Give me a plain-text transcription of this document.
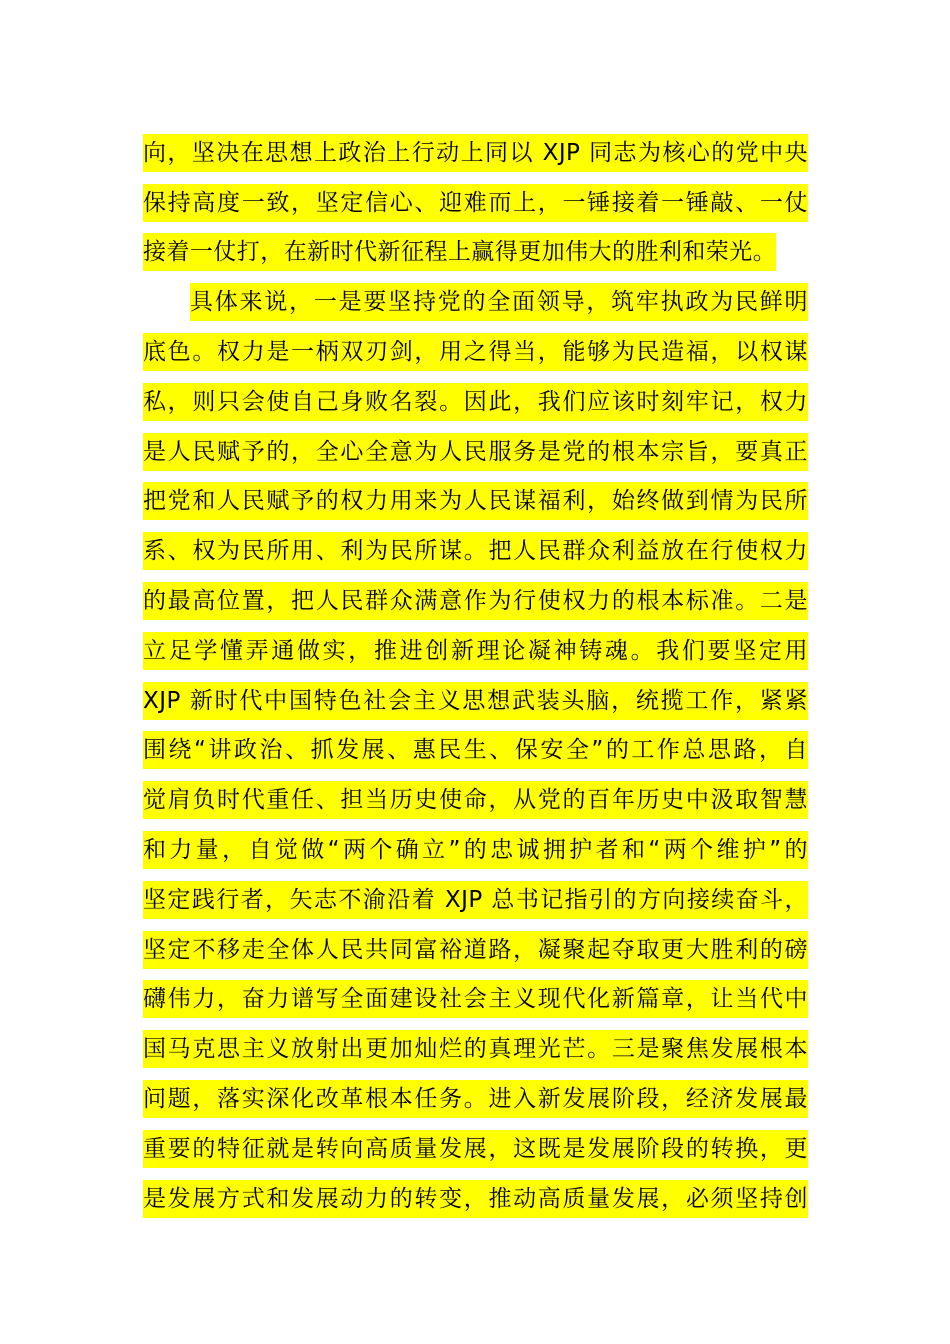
向，坚决在思想上政治上行动上同以 XJP 同志为核心的党中央
保持高度一致，坚定信心、迎难而上，一锤接着一锤敲、一仗
接着一仗打，在新时代新征程上赢得更加伟大的胜利和荣光。
具体来说，一是要坚持党的全面领导，筑牢执政为民鲜明
底色。权力是一柄双刃剑，用之得当，能够为民造福，以权谋
私，则只会使自己身败名裂。因此，我们应该时刻牢记，权力
是人民赋予的，全心全意为人民服务是党的根本宗旨，要真正
把党和人民赋予的权力用来为人民谋福利，始终做到情为民所
系、权为民所用、利为民所谋。把人民群众利益放在行使权力
的最高位置，把人民群众满意作为行使权力的根本标准。二是
立足学懂弄通做实，推进创新理论凝神铸魂。我们要坚定用
XJP 新时代中国特色社会主义思想武装头脑，统揽工作，紧紧
围绕“讲政治、抓发展、惠民生、保安全”的工作总思路，自
觉肩负时代重任、担当历史使命，从党的百年历史中汲取智慧
和力量，自觉做“两个确立”的忠诚拥护者和“两个维护”的
坚定践行者，矢志不渝沿着 XJP 总书记指引的方向接续奋斗，
坚定不移走全体人民共同富裕道路，凝聚起夺取更大胜利的磅
礴伟力，奋力谱写全面建设社会主义现代化新篇章，让当代中
国马克思主义放射出更加灿烂的真理光芒。三是聚焦发展根本
问题，落实深化改革根本任务。进入新发展阶段，经济发展最
重要的特征就是转向高质量发展，这既是发展阶段的转换，更
是发展方式和发展动力的转变，推动高质量发展，必须坚持创
